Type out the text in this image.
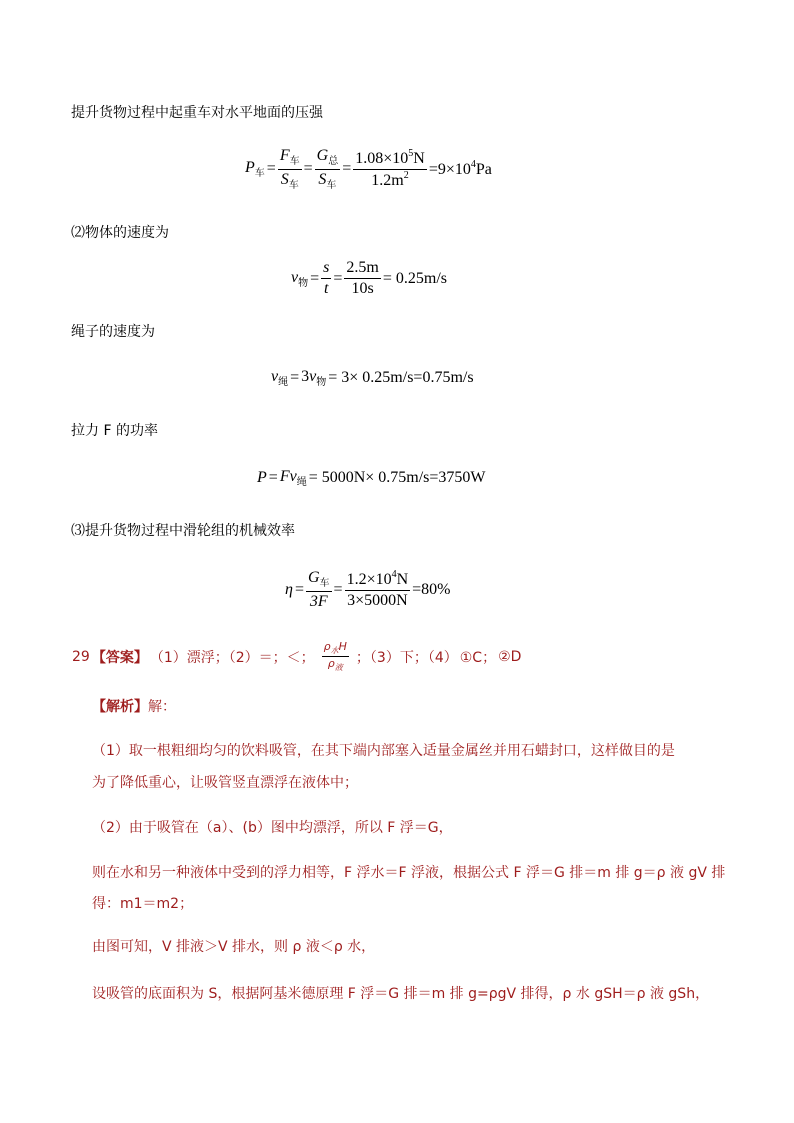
提升货物过程中起重车对水平地面的压强
$P_车 = \frac{F_车}{S_车} = \frac{G_总}{S_车} = \frac{1.08\times 10^5N}{1.2m^2} =9\times 10^4Pa$
⑵物体的速度为
$v_物 = \frac{s}{t} = \frac{2.5m}{10s} = 0.25m/s$
绳子的速度为
$v_绳 = 3v_物 = 3\times 0.25m/s=0.75m/s$
拉力 F 的功率
$P = Fv_绳 = 5000N\times 0.75m/s=3750W$
⑶提升货物过程中滑轮组的机械效率
$\eta = \frac{G_车}{3F} = \frac{1.2\times 10^4N}{3\times 5000N} =80\%$
29 【答案】 （1）漂浮；（2）＝；＜； $\frac{\rho_水H}{\rho_液}$ ；（3）下；（4） ①C； ②D
【解析】解：
（1）取一根粗细均匀的饮料吸管，在其下端内部塞入适量金属丝并用石蜡封口，这样做目的是
为了降低重心，让吸管竖直漂浮在液体中；
（2）由于吸管在（a）、(b）图中均漂浮，所以 F 浮＝G，
则在水和另一种液体中受到的浮力相等，F 浮水＝F 浮液，根据公式 F 浮＝G 排＝m 排 g＝ρ 液 gV 排
得：m1＝m2；
由图可知，V 排液＞V 排水，则 ρ 液＜ρ 水，
设吸管的底面积为 S，根据阿基米德原理 F 浮＝G 排＝m 排 g=ρgV 排得，ρ 水 gSH＝ρ 液 gSh，
